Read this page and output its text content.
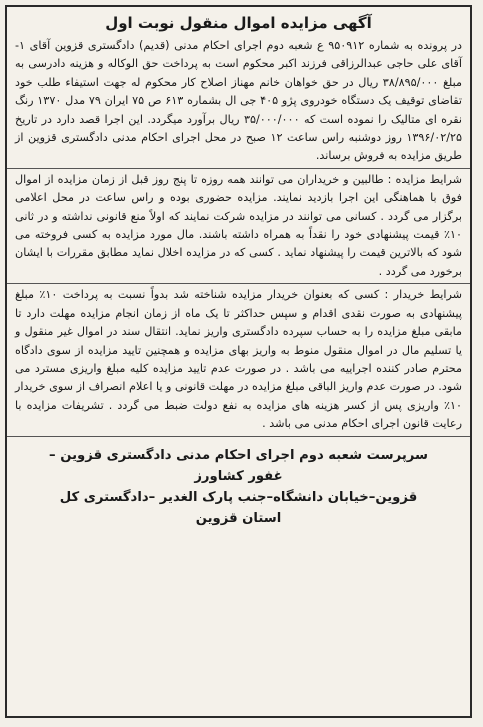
آگهی مزایده اموال منقول نوبت اول

در پرونده به شماره ۹۵۰۹۱۲ ع شعبه دوم اجرای احکام مدنی (قدیم) دادگستری قزوین آقای ۱- آقای علی حاجی عبدالرزاقی فرزند اکبر محکوم است به پرداخت حق الوکاله و هزینه دادرسی به مبلغ ۳۸/۸۹۵/۰۰۰ ریال در حق خواهان خانم مهناز اصلاح کار محکوم له جهت استیفاء طلب خود تقاضای توقیف یک دستگاه خودروی پژو ۴۰۵ جی ال بشماره ۶۱۳ ص ۷۵ ایران ۷۹ مدل ۱۳۷۰ رنگ نقره ای متالیک را نموده است که ۳۵/۰۰۰/۰۰۰ ریال برآورد میگردد. این اجرا قصد دارد در تاریخ ۱۳۹۶/۰۲/۲۵ روز دوشنبه راس ساعت ۱۲ صبح در محل اجرای احکام مدنی دادگستری قزوین از طریق مزایده به فروش برساند.

شرایط مزایده : طالبین و خریداران می توانند همه روزه تا پنج روز قبل از زمان مزایده از اموال فوق با هماهنگی این اجرا بازدید نمایند. مزایده حضوری بوده و راس ساعت در محل اعلامی برگزار می گردد . کسانی می توانند در مزایده شرکت نمایند که اولاً منع قانونی نداشته و در ثانی ۱۰٪ قیمت پیشنهادی خود را نقداً به همراه داشته باشند. مال مورد مزایده به کسی فروخته می شود که بالاترین قیمت را پیشنهاد نماید . کسی که در مزایده اخلال نماید مطابق مقررات با ایشان برخورد می گردد .

شرایط خریدار : کسی که بعنوان خریدار مزایده شناخته شد بدواً نسبت به پرداخت ۱۰٪ مبلغ پیشنهادی به صورت نقدی اقدام و سپس حداکثر تا یک ماه از زمان انجام مزایده مهلت دارد تا مابقی مبلغ مزایده را به حساب سپرده دادگستری واریز نماید. انتقال سند در اموال غیر منقول و یا تسلیم مال در اموال منقول منوط به واریز بهای مزایده و همچنین تایید مزایده از سوی دادگاه محترم صادر کننده اجراییه می باشد . در صورت عدم تایید مزایده کلیه مبلغ واریزی مسترد می شود. در صورت عدم واریز الباقی مبلغ مزایده در مهلت قانونی و یا اعلام انصراف از سوی خریدار ۱۰٪ واریزی پس از کسر هزینه های مزایده به نفع دولت ضبط می گردد . تشریفات مزایده با رعایت قانون اجرای احکام مدنی می باشد .

سرپرست شعبه دوم اجرای احکام مدنی دادگستری قزوین –
غفور کشاورز
قزوین–خیابان دانشگاه–جنب پارک الغدیر –دادگستری کل
استان قزوین
